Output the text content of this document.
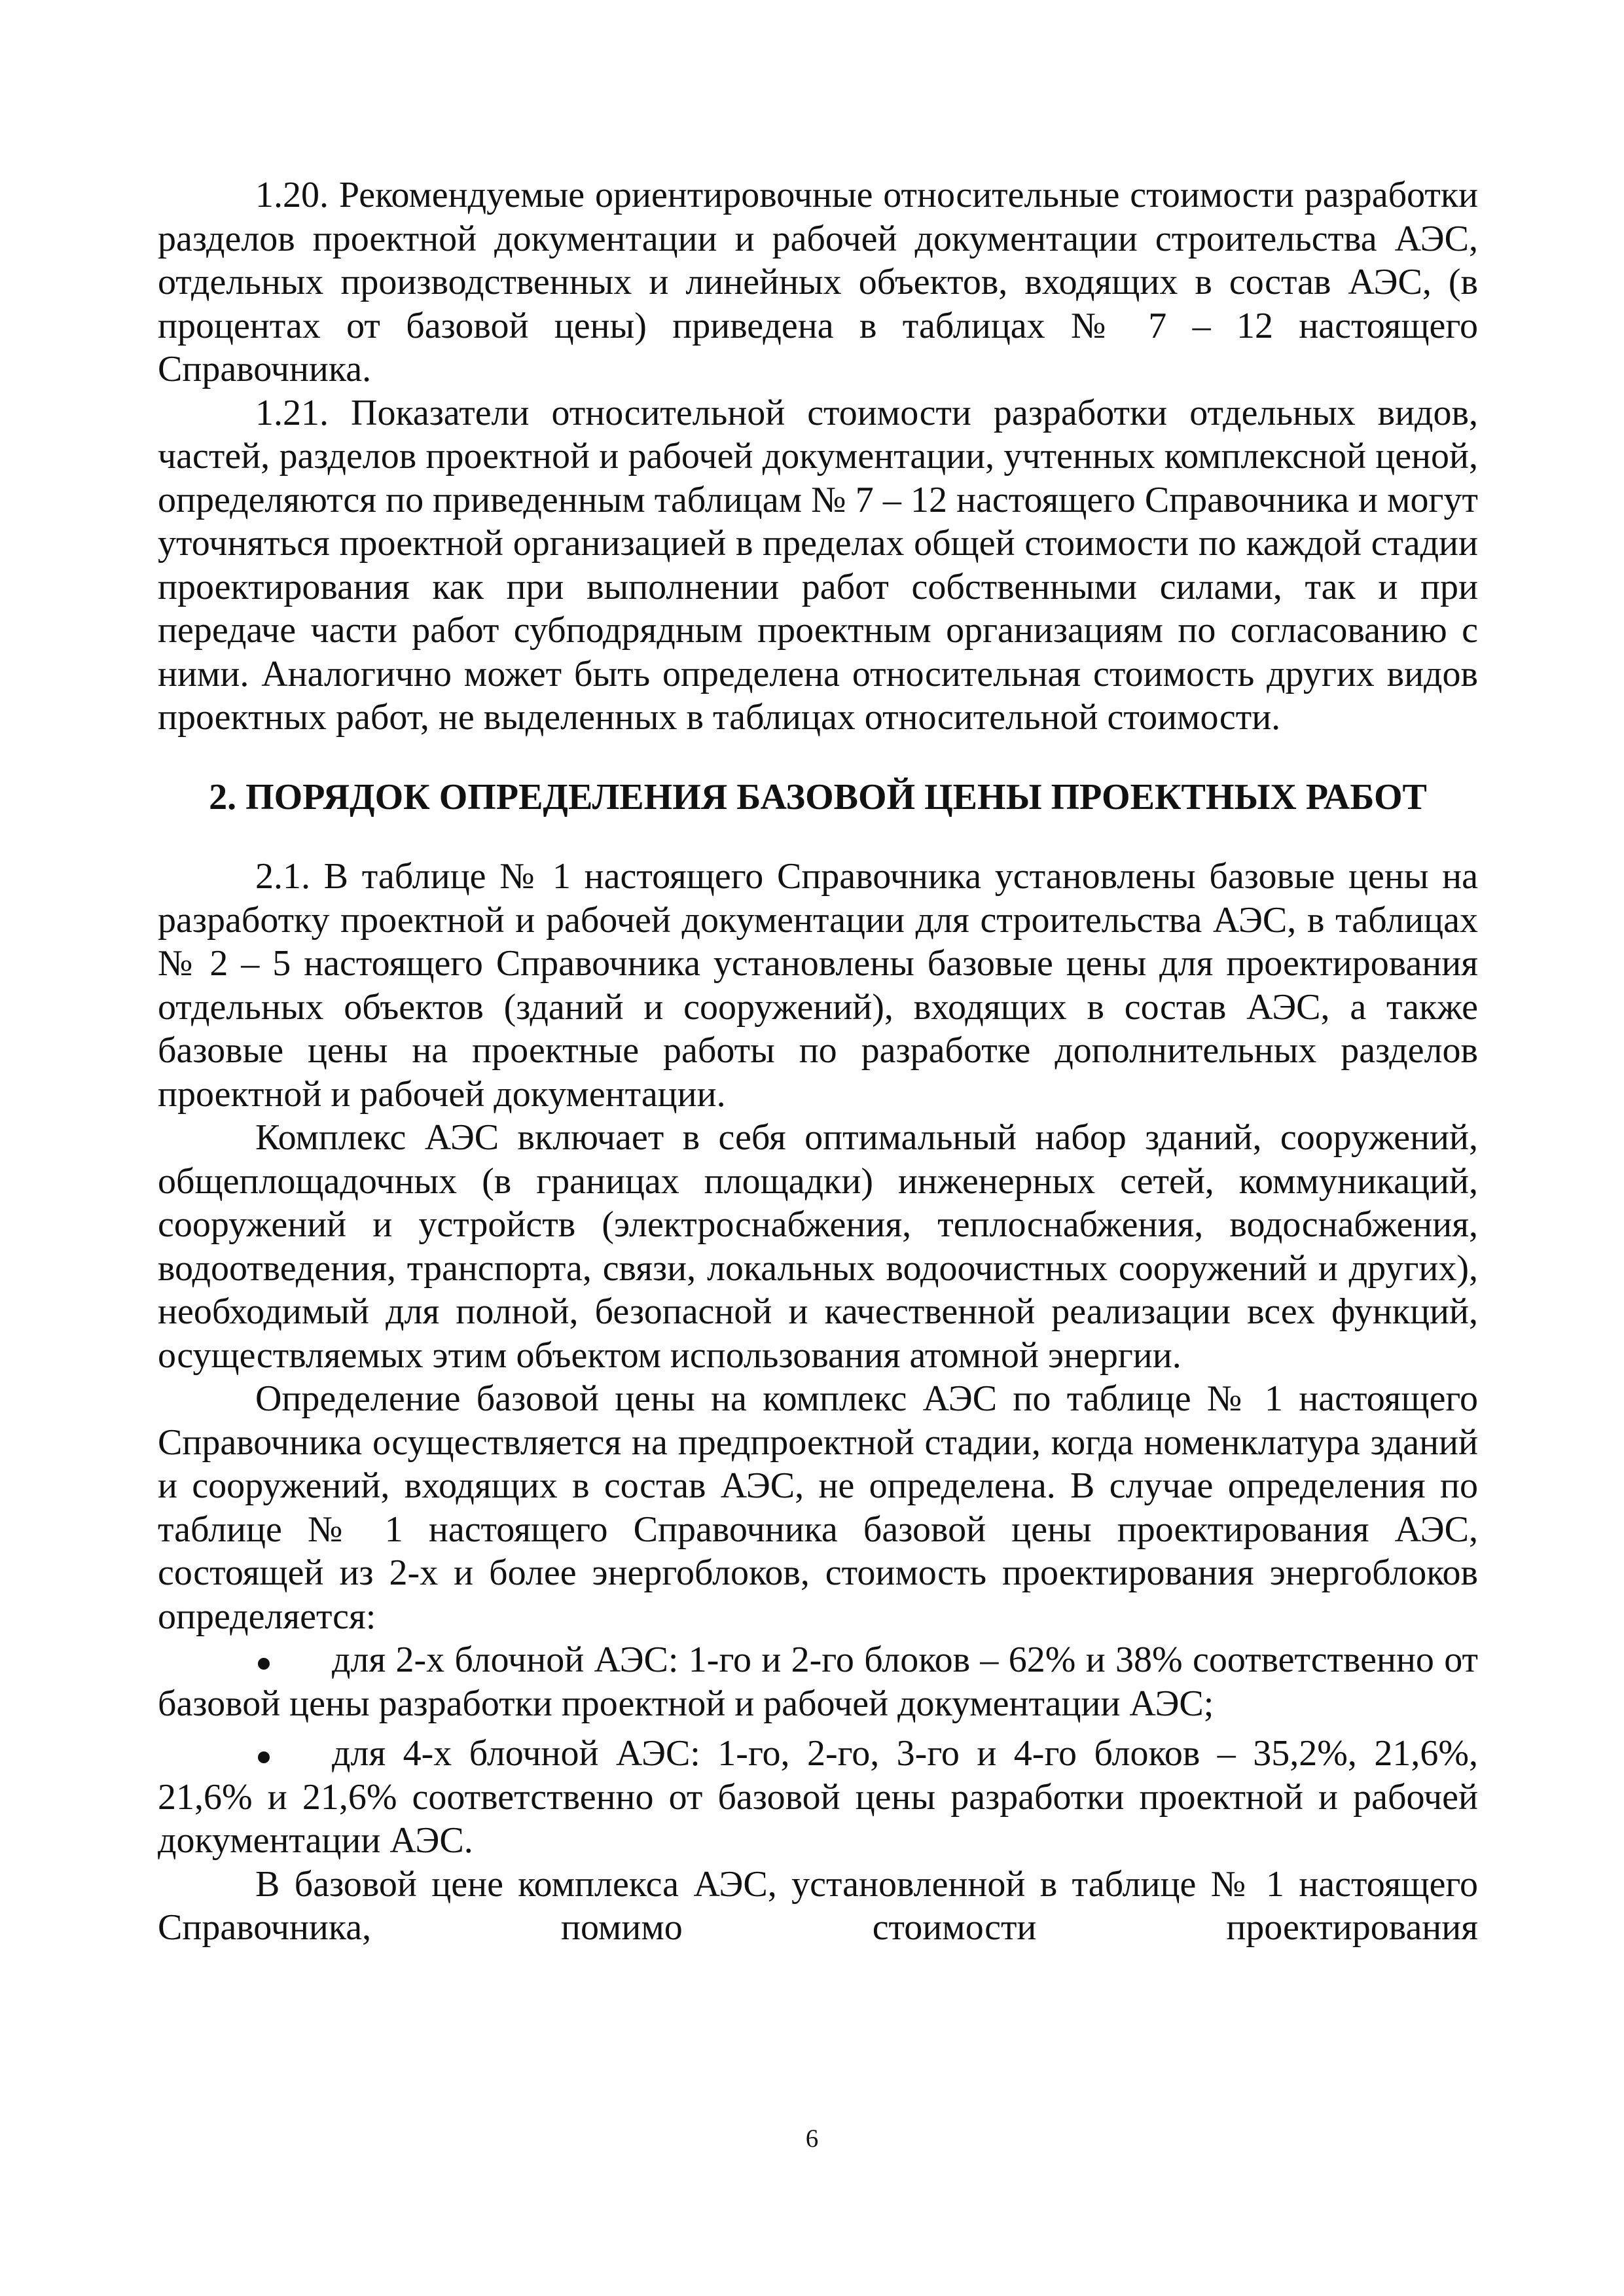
1.20. Рекомендуемые ориентировочные относительные стоимости разработки разделов проектной документации и рабочей документации строительства АЭС, отдельных производственных и линейных объектов, входящих в состав АЭС, (в процентах от базовой цены) приведена в таблицах № 7 – 12 настоящего Справочника.

1.21. Показатели относительной стоимости разработки отдельных видов, частей, разделов проектной и рабочей документации, учтенных комплексной ценой, определяются по приведенным таблицам № 7 – 12 настоящего Справочника и могут уточняться проектной организацией в пределах общей стоимости по каждой стадии проектирования как при выполнении работ собственными силами, так и при передаче части работ субподрядным проектным организациям по согласованию с ними. Аналогично может быть определена относительная стоимость других видов проектных работ, не выделенных в таблицах относительной стоимости.

2. ПОРЯДОК ОПРЕДЕЛЕНИЯ БАЗОВОЙ ЦЕНЫ ПРОЕКТНЫХ РАБОТ

2.1. В таблице № 1 настоящего Справочника установлены базовые цены на разработку проектной и рабочей документации для строительства АЭС, в таблицах № 2 – 5 настоящего Справочника установлены базовые цены для проектирования отдельных объектов (зданий и сооружений), входящих в состав АЭС, а также базовые цены на проектные работы по разработке дополнительных разделов проектной и рабочей документации.

Комплекс АЭС включает в себя оптимальный набор зданий, сооружений, общеплощадочных (в границах площадки) инженерных сетей, коммуникаций, сооружений и устройств (электроснабжения, теплоснабжения, водоснабжения, водоотведения, транспорта, связи, локальных водоочистных сооружений и других), необходимый для полной, безопасной и качественной реализации всех функций, осуществляемых этим объектом использования атомной энергии.

Определение базовой цены на комплекс АЭС по таблице № 1 настоящего Справочника осуществляется на предпроектной стадии, когда номенклатура зданий и сооружений, входящих в состав АЭС, не определена. В случае определения по таблице № 1 настоящего Справочника базовой цены проектирования АЭС, состоящей из 2-х и более энергоблоков, стоимость проектирования энергоблоков определяется:

для 2-х блочной АЭС: 1-го и 2-го блоков – 62% и 38% соответственно от базовой цены разработки проектной и рабочей документации АЭС;

для 4-х блочной АЭС: 1-го, 2-го, 3-го и 4-го блоков – 35,2%, 21,6%, 21,6% и 21,6% соответственно от базовой цены разработки проектной и рабочей документации АЭС.

В базовой цене комплекса АЭС, установленной в таблице № 1 настоящего Справочника, помимо стоимости проектирования

6
